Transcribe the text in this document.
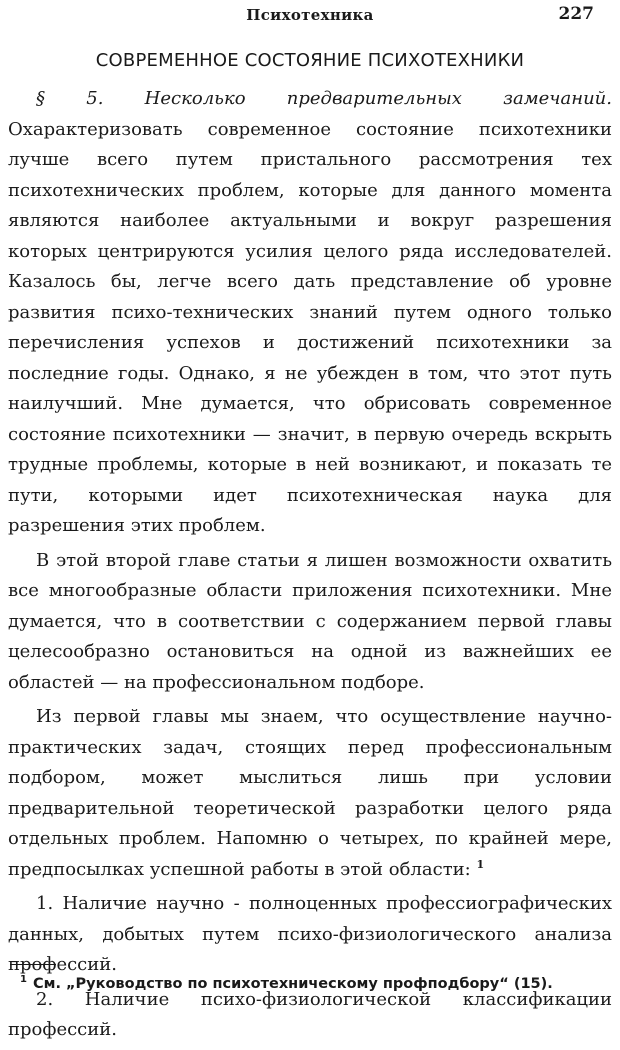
Психотехника	227
СОВРЕМЕННОЕ СОСТОЯНИЕ ПСИХОТЕХНИКИ

§ 5. Несколько предварительных замечаний. Охарактеризовать современное состояние психотехники лучше всего путем пристального рассмотрения тех психотехнических проблем, которые для данного момента являются наиболее актуальными и вокруг разрешения которых центрируются усилия целого ряда исследователей. Казалось бы, легче всего дать представление об уровне развития психо-технических знаний путем одного только перечисления успехов и достижений психотехники за последние годы. Однако, я не убежден в том, что этот путь наилучший. Мне думается, что обрисовать современное состояние психотехники — значит, в первую очередь вскрыть трудные проблемы, которые в ней возникают, и показать те пути, которыми идет психотехническая наука для разрешения этих проблем.

В этой второй главе статьи я лишен возможности охватить все многообразные области приложения психотехники. Мне думается, что в соответствии с содержанием первой главы целесообразно остановиться на одной из важнейших ее областей — на профессиональном подборе.

Из первой главы мы знаем, что осуществление научно-практических задач, стоящих перед профессиональным подбором, может мыслиться лишь при условии предварительной теоретической разработки целого ряда отдельных проблем. Напомню о четырех, по крайней мере, предпосылках успешной работы в этой области: $^1$

1. Наличие научно - полноценных профессиографических данных, добытых путем психо-физиологического анализа профессий.

2. Наличие психо-физиологической классификации профессий.

$^1$ См. „Руководство по психотехническому профподбору“ (15).
